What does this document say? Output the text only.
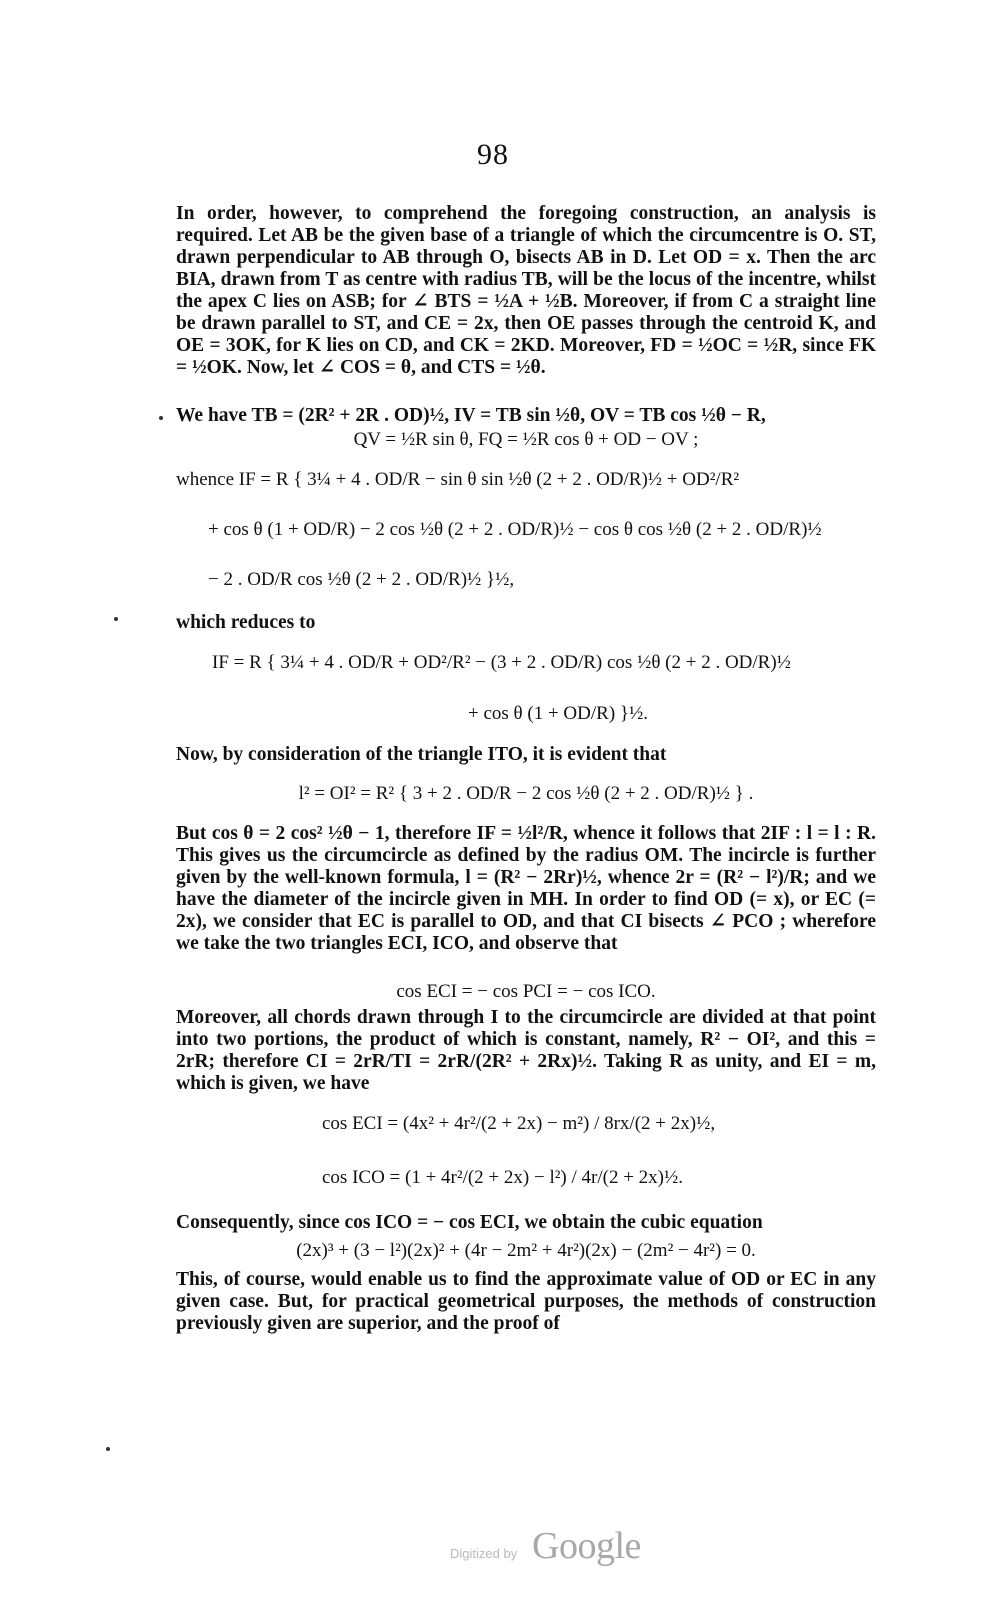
98
In order, however, to comprehend the foregoing construction, an analysis is required. Let AB be the given base of a triangle of which the circumcentre is O. ST, drawn perpendicular to AB through O, bisects AB in D. Let OD = x. Then the arc BIA, drawn from T as centre with radius TB, will be the locus of the incentre, whilst the apex C lies on ASB; for ∠ BTS = ½A + ½B. Moreover, if from C a straight line be drawn parallel to ST, and CE = 2x, then OE passes through the centroid K, and OE = 3OK, for K lies on CD, and CK = 2KD. Moreover, FD = ½OC = ½R, since FK = ½OK. Now, let ∠ COS = θ, and CTS = ½θ.
We have TB = (2R² + 2R . OD)½, IV = TB sin ½θ, OV = TB cos ½θ − R,
QV = ½R sin θ, FQ = ½R cos θ + OD − OV ;
whence IF = R { 3¼ + 4 . OD/R − sin θ sin ½θ (2 + 2 . OD/R)½ + OD²/R²
+ cos θ (1 + OD/R) − 2 cos ½θ (2 + 2 . OD/R)½ − cos θ cos ½θ (2 + 2 . OD/R)½
− 2 . OD/R cos ½θ (2 + 2 . OD/R)½ }½,
which reduces to
IF = R { 3¼ + 4 . OD/R + OD²/R² − (3 + 2 . OD/R) cos ½θ (2 + 2 . OD/R)½
+ cos θ (1 + OD/R) }½.
Now, by consideration of the triangle ITO, it is evident that
l² = OI² = R² { 3 + 2 . OD/R − 2 cos ½θ (2 + 2 . OD/R)½ } .
But cos θ = 2 cos² ½θ − 1, therefore IF = ½l²/R, whence it follows that 2IF : l = l : R. This gives us the circumcircle as defined by the radius OM. The incircle is further given by the well-known formula, l = (R² − 2Rr)½, whence 2r = (R² − l²)/R; and we have the diameter of the incircle given in MH. In order to find OD (= x), or EC (= 2x), we consider that EC is parallel to OD, and that CI bisects ∠ PCO ; wherefore we take the two triangles ECI, ICO, and observe that
cos ECI = − cos PCI = − cos ICO.
Moreover, all chords drawn through I to the circumcircle are divided at that point into two portions, the product of which is constant, namely, R² − OI², and this = 2rR; therefore CI = 2rR/TI = 2rR/(2R² + 2Rx)½. Taking R as unity, and EI = m, which is given, we have
cos ECI = (4x² + 4r²/(2 + 2x) − m²) / 8rx/(2 + 2x)½,
cos ICO = (1 + 4r²/(2 + 2x) − l²) / 4r/(2 + 2x)½.
Consequently, since cos ICO = − cos ECI, we obtain the cubic equation
(2x)³ + (3 − l²)(2x)² + (4r − 2m² + 4r²)(2x) − (2m² − 4r²) = 0.
This, of course, would enable us to find the approximate value of OD or EC in any given case. But, for practical geometrical purposes, the methods of construction previously given are superior, and the proof of
Digitized by Google
